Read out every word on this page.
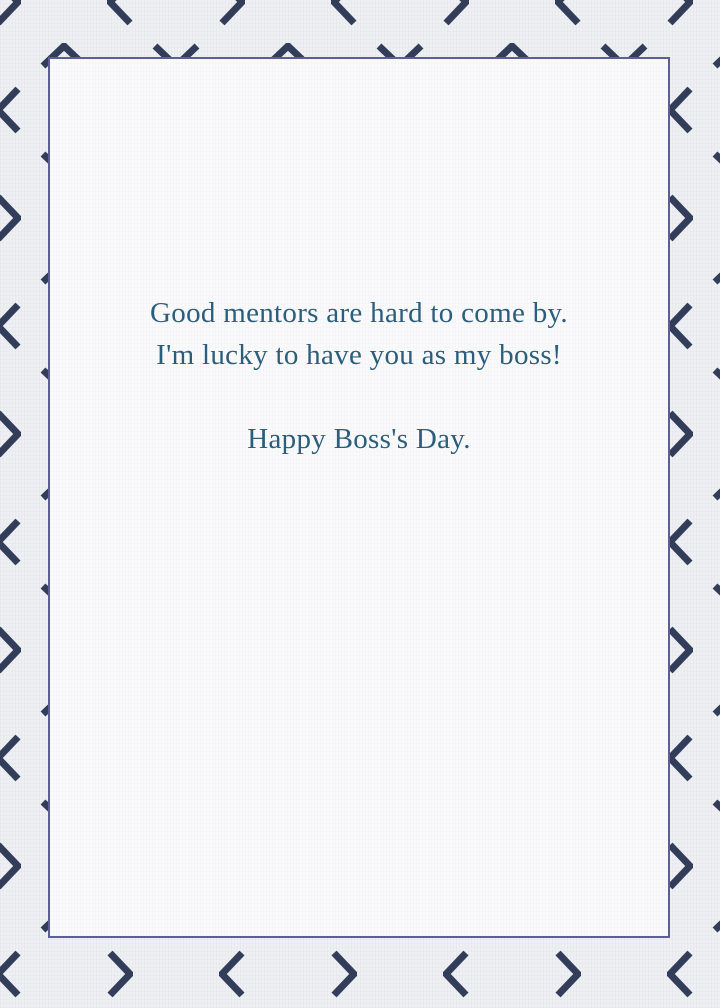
Good mentors are hard to come by.

I'm lucky to have you as my boss!

Happy Boss's Day.
